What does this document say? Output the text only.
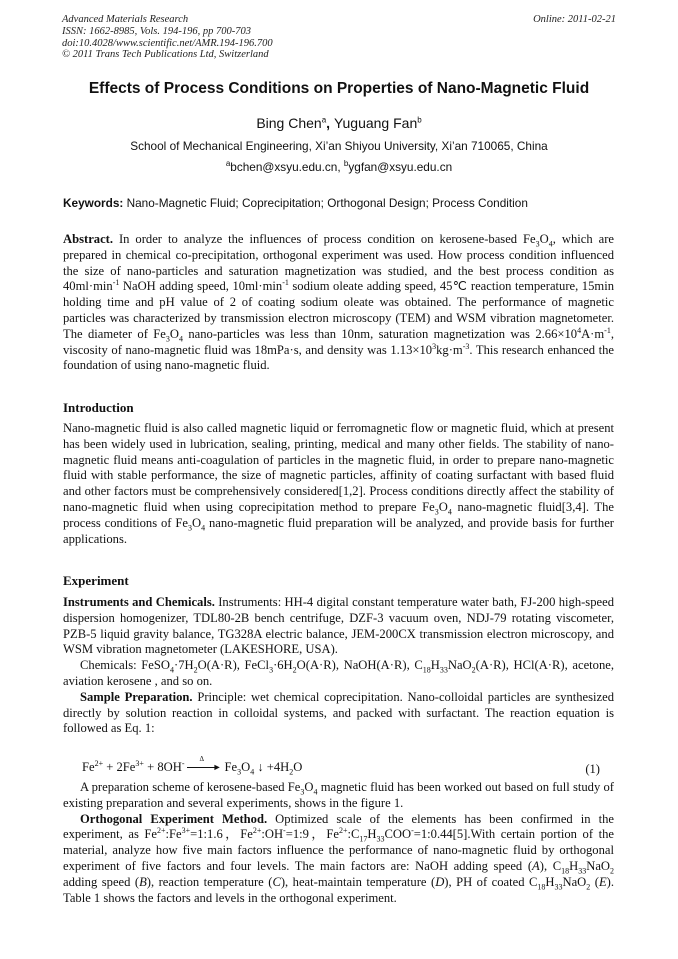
Advanced Materials Research
ISSN: 1662-8985, Vols. 194-196, pp 700-703
doi:10.4028/www.scientific.net/AMR.194-196.700
© 2011 Trans Tech Publications Ltd, Switzerland
Online: 2011-02-21
Effects of Process Conditions on Properties of Nano-Magnetic Fluid
Bing Chen$^a$, Yuguang Fan$^b$
School of Mechanical Engineering, Xi’an Shiyou University, Xi’an 710065, China
$^a$bchen@xsyu.edu.cn, $^b$ygfan@xsyu.edu.cn
Keywords: Nano-Magnetic Fluid; Coprecipitation; Orthogonal Design; Process Condition

Abstract. In order to analyze the influences of process condition on kerosene-based $Fe_3O_4$, which are prepared in chemical co-precipitation, orthogonal experiment was used. How process condition influenced the size of nano-particles and saturation magnetization was studied, and the best process condition as $40ml\cdot\min^{-1}$ NaOH adding speed, $10ml\cdot\min^{-1}$ sodium oleate adding speed, 45℃ reaction temperature, 15min holding time and pH value of 2 of coating sodium oleate was obtained. The performance of magnetic particles was characterized by transmission electron microscopy (TEM) and WSM vibration magnetometer. The diameter of $Fe_3O_4$ nano-particles was less than 10nm, saturation magnetization was $2.66\times 10^4A\cdot m^{-1}$, viscosity of nano-magnetic fluid was 18mPa·s, and density was $1.13\times 10^3kg\cdot m^{-3}$. This research enhanced the foundation of using nano-magnetic fluid.

Introduction

Nano-magnetic fluid is also called magnetic liquid or ferromagnetic flow or magnetic fluid, which at present has been widely used in lubrication, sealing, printing, medical and many other fields. The stability of nano-magnetic fluid means anti-coagulation of particles in the magnetic fluid, in order to prepare nano-magnetic fluid with stable performance, the size of magnetic particles, affinity of coating surfactant with based fluid and other factors must be comprehensively considered[1,2]. Process conditions directly affect the stability of nano-magnetic fluid when using coprecipitation method to prepare $Fe_3O_4$ nano-magnetic fluid[3,4]. The process conditions of $Fe_3O_4$ nano-magnetic fluid preparation will be analyzed, and provide basis for further applications.

Experiment

Instruments and Chemicals. Instruments: HH-4 digital constant temperature water bath, FJ-200 high-speed dispersion homogenizer, TDL80-2B bench centrifuge, DZF-3 vacuum oven, NDJ-79 rotating viscometer, PZB-5 liquid gravity balance, TG328A electric balance, JEM-200CX transmission electron microscopy, and WSM vibration magnetometer (LAKESHORE, USA).

Chemicals: $FeSO_4\cdot 7H_2O(A\cdot R)$, $FeCl_3\cdot 6H_2O(A\cdot R)$, NaOH(A·R), $C_{18}H_{33}NaO_2(A\cdot R)$, HCl(A·R), acetone, aviation kerosene , and so on.

Sample Preparation. Principle: wet chemical coprecipitation. Nano-colloidal particles are synthesized directly by solution reaction in colloidal systems, and packed with surfactant. The reaction equation is followed as Eq. 1:

$Fe^{2+} + 2Fe^{3+} + 8OH^-$ Δ
► $Fe_3O_4$ ↓ $+4H_2O$	(1)

A preparation scheme of kerosene-based $Fe_3O_4$ magnetic fluid has been worked out based on full study of existing preparation and several experiments, shows in the figure 1.

Orthogonal Experiment Method. Optimized scale of the elements has been confirmed in the experiment, as $Fe^{2+}:Fe^{3+}=1:1.6$，$Fe^{2+}:OH^-=1:9$，$Fe^{2+}:C_{17}H_{33}COO^-=1:0.44[5].With$ certain portion of the material, analyze how five main factors influence the performance of nano-magnetic fluid by orthogonal experiment of five factors and four levels. The main factors are: NaOH adding speed (A), $C_{18}H_{33}NaO_2$ adding speed (B), reaction temperature (C), heat-maintain temperature (D), PH of coated $C_{18}H_{33}NaO_2$ (E). Table 1 shows the factors and levels in the orthogonal experiment.
